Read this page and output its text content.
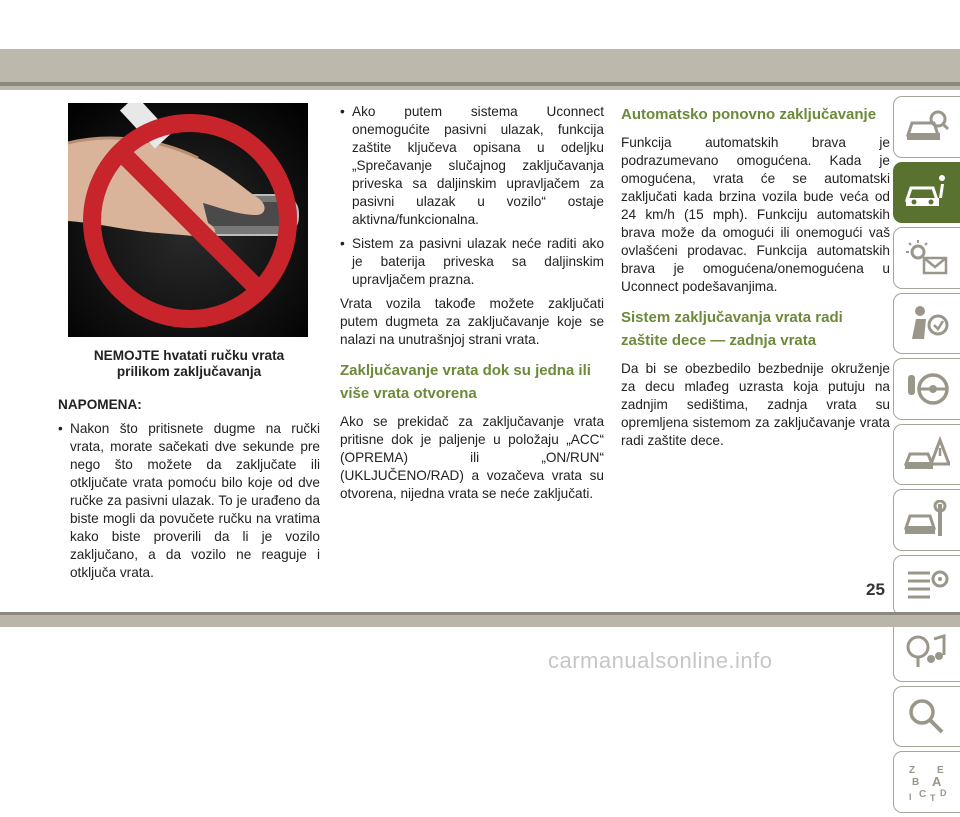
NEMOJTE hvatati ručku vrata
prilikom zaključavanja
NAPOMENA:
• Nakon što pritisnete dugme na ručki vrata, morate sačekati dve sekunde pre nego što možete da zaključate ili otključate vrata pomoću bilo koje od dve ručke za pasivni ulazak. To je urađeno da biste mogli da povučete ručku na vratima kako biste proverili da li je vozilo zaključano, a da vozilo ne reaguje i otključa vrata.
• Ako putem sistema Uconnect onemogućite pasivni ulazak, funkcija zaštite ključeva opisana u odeljku „Sprečavanje slučajnog zaključavanja priveska sa daljinskim upravljačem za pasivni ulazak u vozilo“ ostaje aktivna/funkcionalna.
• Sistem za pasivni ulazak neće raditi ako je baterija priveska sa daljinskim upravljačem prazna.

Vrata vozila takođe možete zaključati putem dugmeta za zaključavanje koje se nalazi na unutrašnjoj strani vrata.

Zaključavanje vrata dok su jedna ili više vrata otvorena

Ako se prekidač za zaključavanje vrata pritisne dok je paljenje u položaju „ACC“ (OPREMA) ili „ON/RUN“ (UKLJUČENO/RAD) a vozačeva vrata su otvorena, nijedna vrata se neće zaključati.

Automatsko ponovno zaključavanje

Funkcija automatskih brava je podrazumevano omogućena. Kada je omogućena, vrata će se automatski zaključati kada brzina vozila bude veća od 24 km/h (15 mph). Funkciju automatskih brava može da omogući ili onemogući vaš ovlašćeni prodavac. Funkcija automatskih brava je omogućena/onemogućena u Uconnect podešavanjima.

Sistem zaključavanja vrata radi zaštite dece — zadnja vrata

Da bi se obezbedilo bezbednije okruženje za decu mlađeg uzrasta koja putuju na zadnjim sedištima, zadnja vrata su opremljena sistemom za zaključavanje vrata radi zaštite dece.

Z E
B A
C D
I T
25
carmanualsonline.info
